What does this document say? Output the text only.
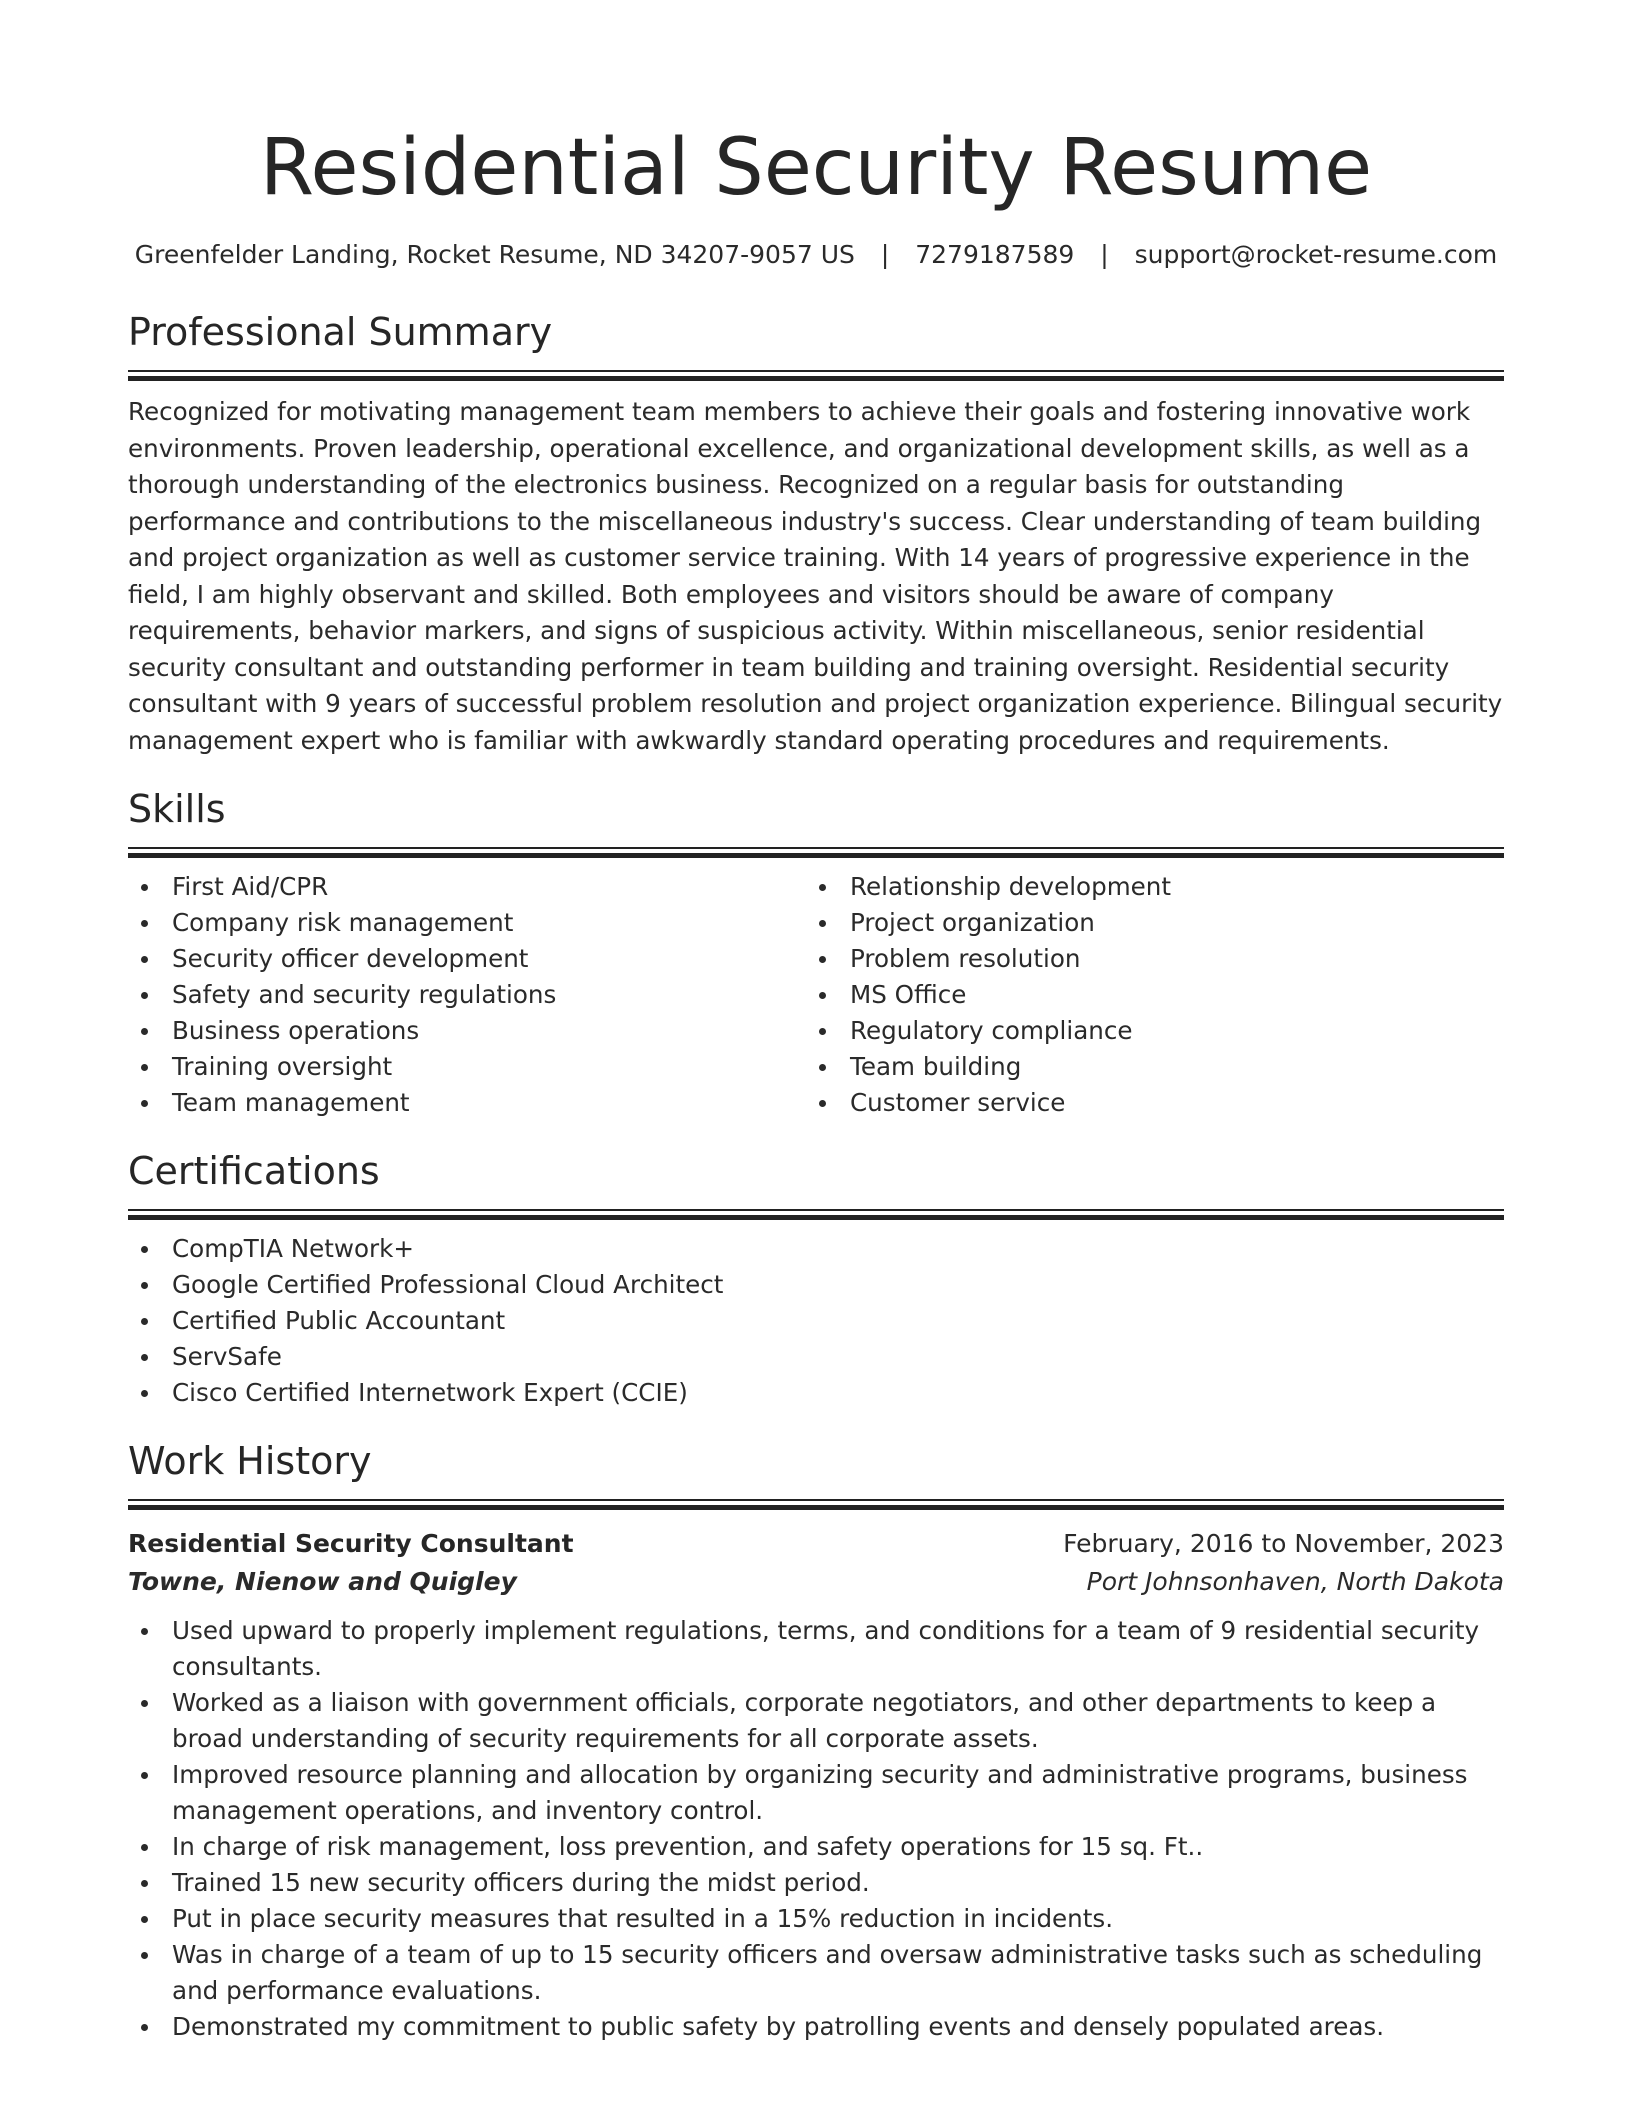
Residential Security Resume
Greenfelder Landing, Rocket Resume, ND 34207-9057 US | 7279187589 | support@rocket-resume.com
Professional Summary
Recognized for motivating management team members to achieve their goals and fostering innovative work environments. Proven leadership, operational excellence, and organizational development skills, as well as a thorough understanding of the electronics business. Recognized on a regular basis for outstanding performance and contributions to the miscellaneous industry's success. Clear understanding of team building and project organization as well as customer service training. With 14 years of progressive experience in the field, I am highly observant and skilled. Both employees and visitors should be aware of company requirements, behavior markers, and signs of suspicious activity. Within miscellaneous, senior residential security consultant and outstanding performer in team building and training oversight. Residential security consultant with 9 years of successful problem resolution and project organization experience. Bilingual security management expert who is familiar with awkwardly standard operating procedures and requirements.
Skills
First Aid/CPR
Company risk management
Security officer development
Safety and security regulations
Business operations
Training oversight
Team management
Relationship development
Project organization
Problem resolution
MS Office
Regulatory compliance
Team building
Customer service
Certifications
CompTIA Network+
Google Certified Professional Cloud Architect
Certified Public Accountant
ServSafe
Cisco Certified Internetwork Expert (CCIE)
Work History
Residential Security Consultant	February, 2016 to November, 2023
Towne, Nienow and Quigley	Port Johnsonhaven, North Dakota
Used upward to properly implement regulations, terms, and conditions for a team of 9 residential security consultants.
Worked as a liaison with government officials, corporate negotiators, and other departments to keep a broad understanding of security requirements for all corporate assets.
Improved resource planning and allocation by organizing security and administrative programs, business management operations, and inventory control.
In charge of risk management, loss prevention, and safety operations for 15 sq. Ft..
Trained 15 new security officers during the midst period.
Put in place security measures that resulted in a 15% reduction in incidents.
Was in charge of a team of up to 15 security officers and oversaw administrative tasks such as scheduling and performance evaluations.
Demonstrated my commitment to public safety by patrolling events and densely populated areas.
